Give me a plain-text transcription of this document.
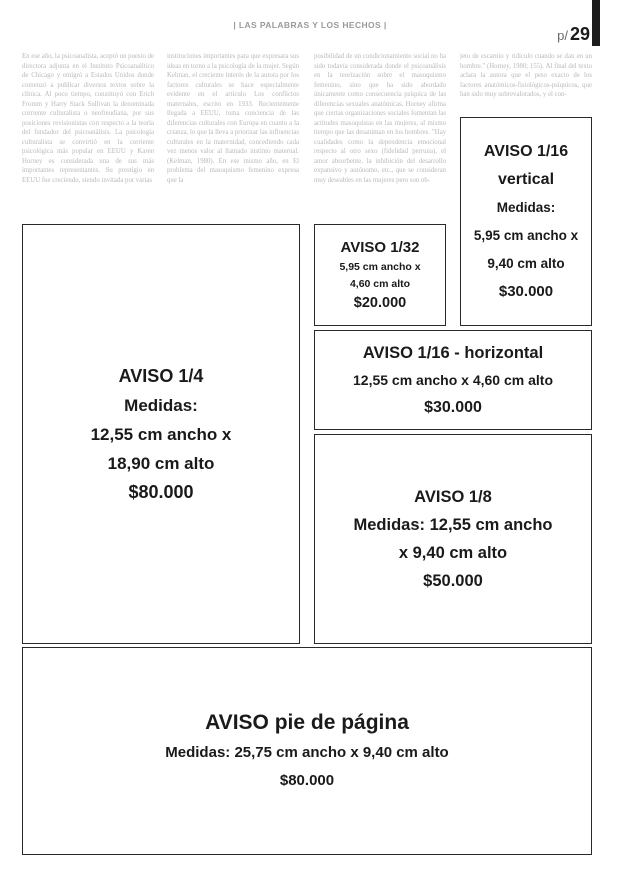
| LAS PALABRAS Y LOS HECHOS |
p/ 29

En ese año, la psicoanalista, aceptó un puesto de directora adjunta en el Instituto Psicoanalítico de Chicago y emigró a Estados Unidos donde comenzó a publicar diversos textos sobre la clínica. Al poco tiempo, constituyó con Erich Fromm y Harry Stack Sullivan la denominada corriente culturalista o neofreudiana, por sus posiciones revisionistas con respecto a la teoría del fundador del psicoanálisis. La psicología culturalista se convirtió en la corriente psicológica más popular en EEUU y Karen Horney es considerada una de sus más importantes representantes. Su prestigio en EEUU fue creciendo, siendo invitada por varias

instituciones importantes para que expresara sus ideas en torno a la psicología de la mujer. Según Kelman, el creciente interés de la autora por los factores culturales se hace especialmente evidente en el artículo Los conflictos maternales, escrito en 1933. Recientemente llegada a EEUU, toma conciencia de las diferencias culturales con Europa en cuanto a la crianza, lo que la lleva a priorizar las influencias culturales en la maternidad, concediendo cada vez menos valor al llamado instinto maternal. (Kelman, 1980). En ese mismo año, en El problema del masoquismo femenino expresa que la

posibilidad de un condicionamiento social no ha sido todavía considerada donde el psicoanálisis en la teorización sobre el masoquismo femenino, sino que ha sido abordado únicamente como consecuencia psíquica de las diferencias sexuales anatómicas. Horney afirma que ciertas organizaciones sociales fomentan las actitudes masoquistas en las mujeres, al mismo tiempo que las desaniman en los hombres. "Hay cualidades como la dependencia emocional respecto al otro sexo (fidelidad perruna), el amor absorbente, la inhibición del desarrollo expansivo y autónomo, etc., que se consideran muy deseables en las mujeres pero son ob-

jeto de escarnio y ridículo cuando se dan en un hombre." (Horney, 1980; 155). Al final del texto aclara la autora que el peso exacto de los factores anatómicos-fisiológicos-psíquicos, que han sido muy sobrevalorados, y el con-

AVISO 1/16
vertical
Medidas:
5,95 cm ancho x
9,40 cm alto
$30.000
AVISO 1/32
5,95 cm ancho x
4,60 cm alto
$20.000
AVISO 1/4
Medidas:
12,55 cm ancho x
18,90 cm alto
$80.000
AVISO 1/16 - horizontal
12,55 cm ancho x 4,60 cm alto
$30.000
AVISO 1/8
Medidas: 12,55 cm ancho
x 9,40 cm alto
$50.000
AVISO pie de página
Medidas: 25,75 cm ancho x 9,40 cm alto
$80.000
